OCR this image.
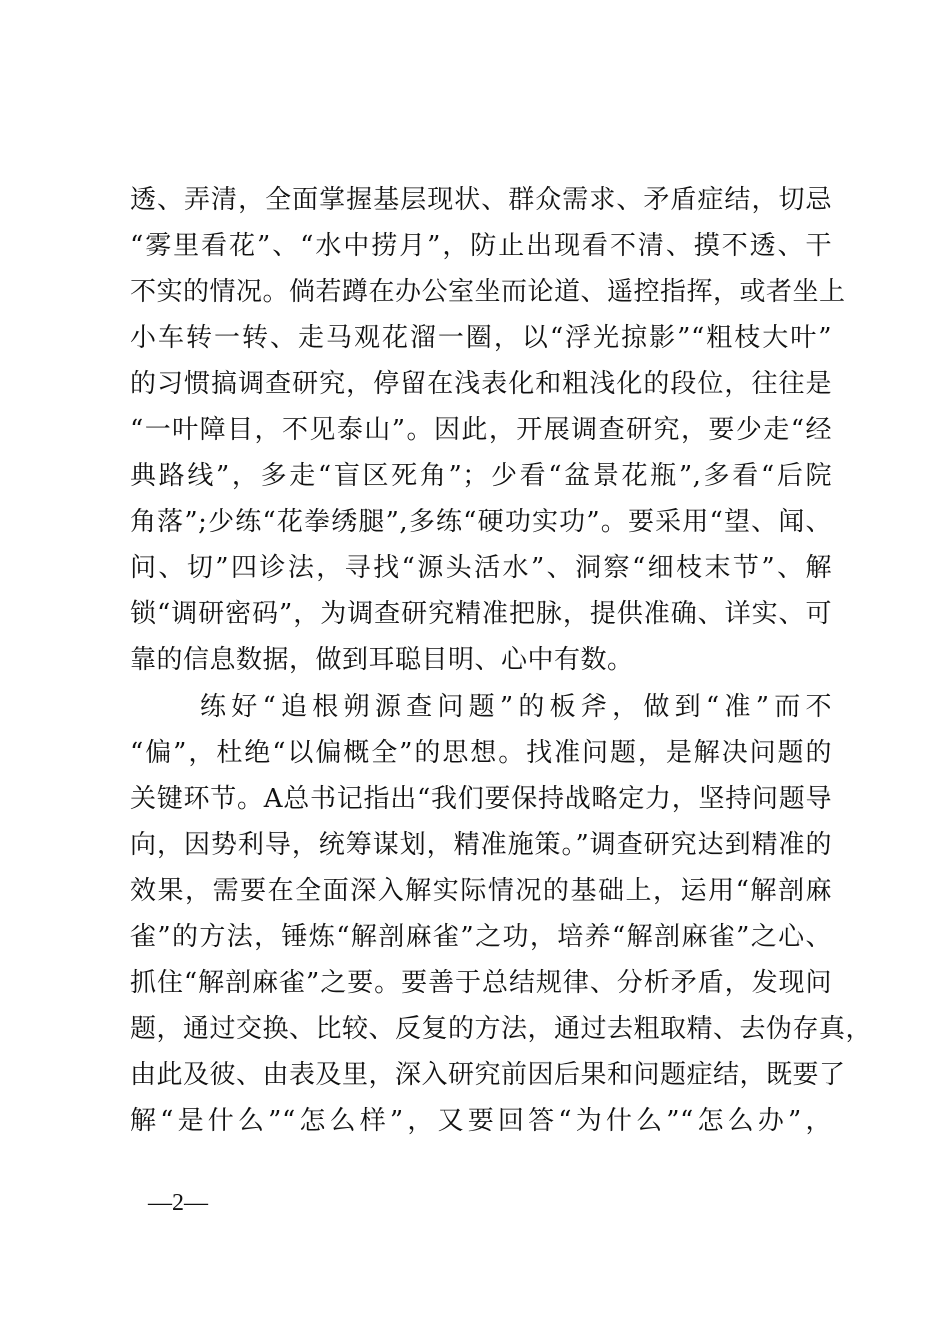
透、弄清，全面掌握基层现状、群众需求、矛盾症结，切忌
“雾里看花”、“水中捞月”，防止出现看不清、摸不透、干
不实的情况。倘若蹲在办公室坐而论道、遥控指挥，或者坐上
小车转一转、走马观花溜一圈，以“浮光掠影”“粗枝大叶”
的习惯搞调查研究，停留在浅表化和粗浅化的段位，往往是
“一叶障目，不见泰山”。因此，开展调查研究，要少走“经
典路线”，多走“盲区死角”；少看“盆景花瓶”,多看“后院
角落”;少练“花拳绣腿”,多练“硬功实功”。要采用“望、闻、
问、切”四诊法，寻找“源头活水”、洞察“细枝末节”、解
锁“调研密码”，为调查研究精准把脉，提供准确、详实、可
靠的信息数据，做到耳聪目明、心中有数。
练好“追根朔源查问题”的板斧，做到“准”而不
“偏”，杜绝“以偏概全”的思想。找准问题，是解决问题的
关键环节。A总书记指出“我们要保持战略定力，坚持问题导
向，因势利导，统筹谋划，精准施策。”调查研究达到精准的
效果，需要在全面深入解实际情况的基础上，运用“解剖麻
雀”的方法，锤炼“解剖麻雀”之功，培养“解剖麻雀”之心、
抓住“解剖麻雀”之要。要善于总结规律、分析矛盾，发现问
题，通过交换、比较、反复的方法，通过去粗取精、去伪存真，
由此及彼、由表及里，深入研究前因后果和问题症结，既要了
解“是什么”“怎么样”，又要回答“为什么”“怎么办”，
—2—
